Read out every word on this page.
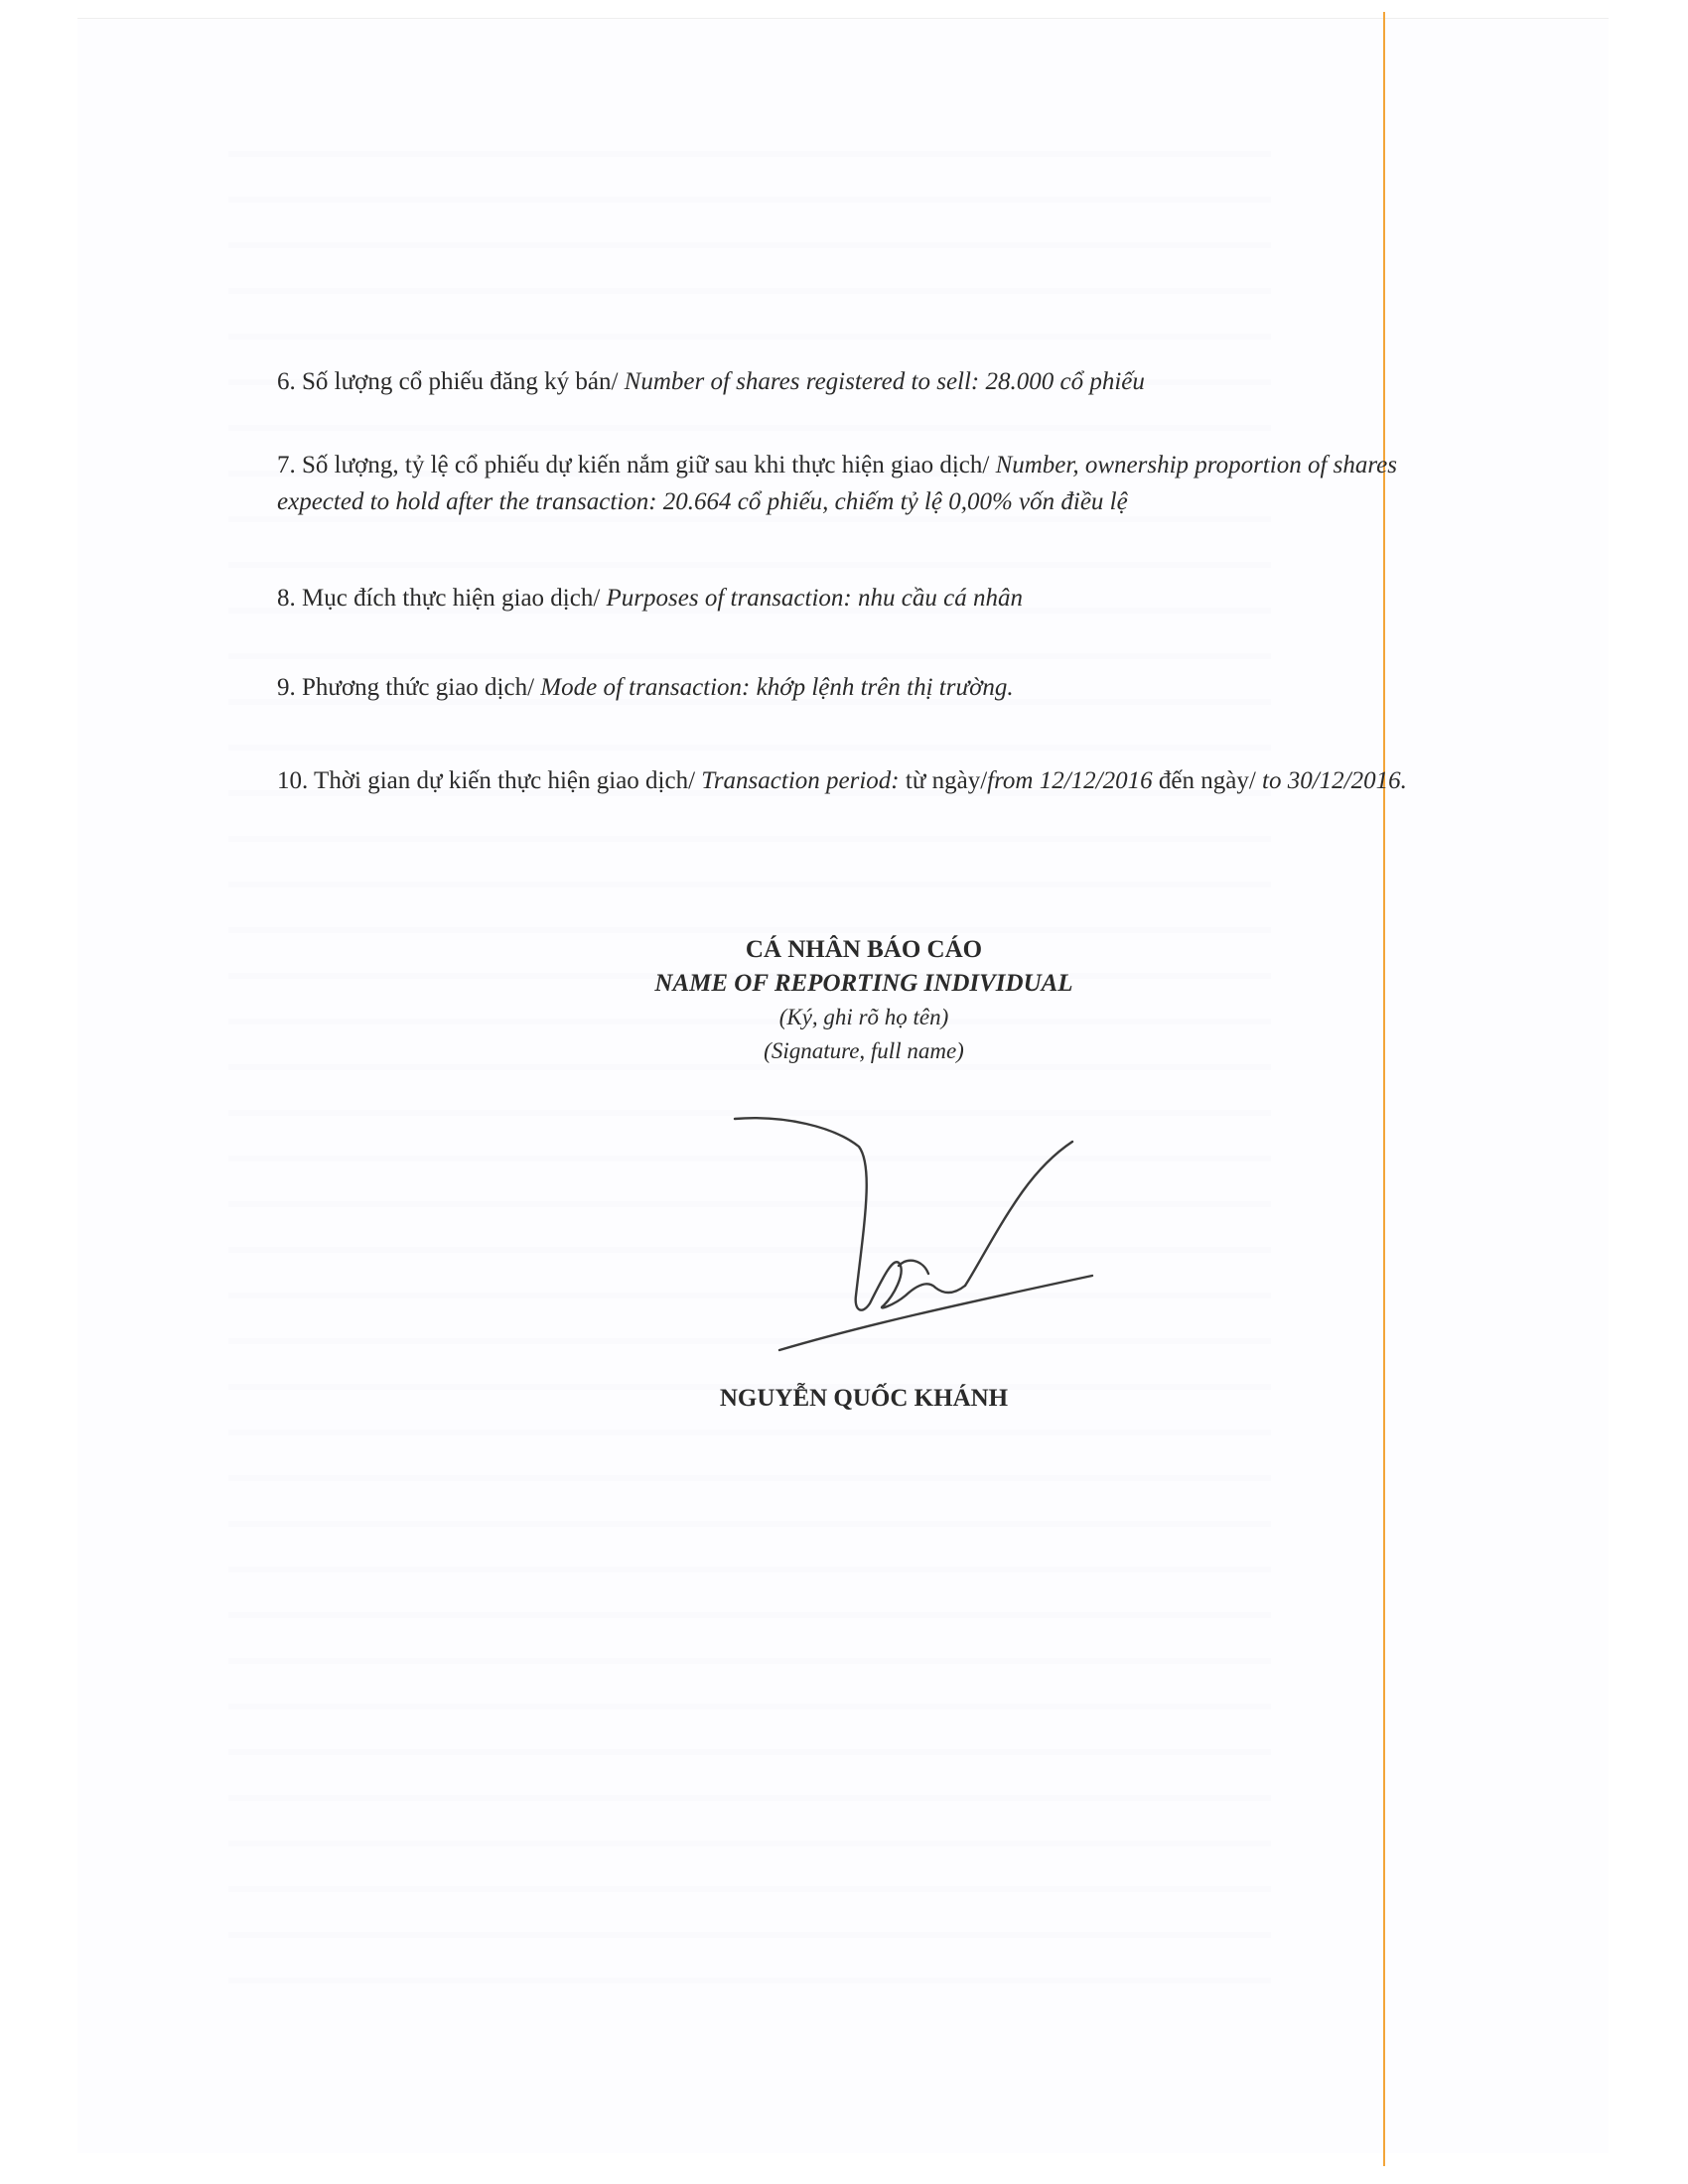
6. Số lượng cổ phiếu đăng ký bán/ Number of shares registered to sell: 28.000 cổ phiếu

7. Số lượng, tỷ lệ cổ phiếu dự kiến nắm giữ sau khi thực hiện giao dịch/ Number, ownership proportion of shares expected to hold after the transaction: 20.664 cổ phiếu, chiếm tỷ lệ 0,00% vốn điều lệ

8. Mục đích thực hiện giao dịch/ Purposes of transaction: nhu cầu cá nhân

9. Phương thức giao dịch/ Mode of transaction: khớp lệnh trên thị trường.

10. Thời gian dự kiến thực hiện giao dịch/ Transaction period: từ ngày/from 12/12/2016 đến ngày/ to 30/12/2016.

CÁ NHÂN BÁO CÁO

NAME OF REPORTING INDIVIDUAL

(Ký, ghi rõ họ tên)

(Signature, full name)

NGUYỄN QUỐC KHÁNH
